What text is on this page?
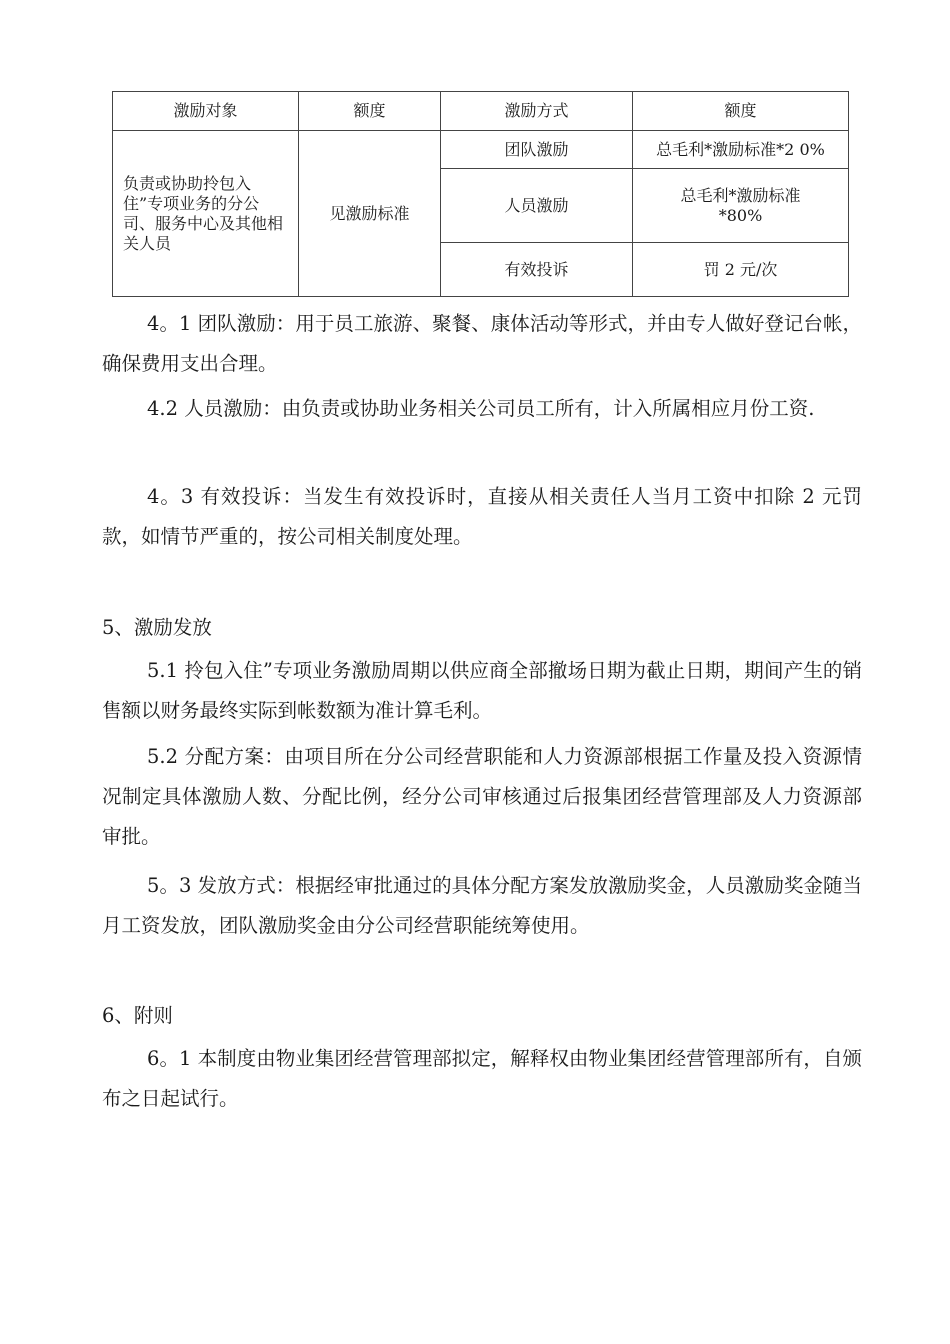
激励对象	额度	激励方式	额度
负责或协助拎包入住”专项业务的分公司、服务中心及其他相关人员	见激励标准	团队激励	总毛利*激励标准*2 0%
		人员激励	总毛利*激励标准*80%
		有效投诉	罚 2 元/次

4。1 团队激励：用于员工旅游、聚餐、康体活动等形式，并由专人做好登记台帐，确保费用支出合理。

4.2 人员激励：由负责或协助业务相关公司员工所有，计入所属相应月份工资.

4。3 有效投诉：当发生有效投诉时，直接从相关责任人当月工资中扣除 2 元罚款，如情节严重的，按公司相关制度处理。

5、激励发放

5.1 拎包入住”专项业务激励周期以供应商全部撤场日期为截止日期，期间产生的销售额以财务最终实际到帐数额为准计算毛利。

5.2 分配方案：由项目所在分公司经营职能和人力资源部根据工作量及投入资源情况制定具体激励人数、分配比例，经分公司审核通过后报集团经营管理部及人力资源部审批。

5。3 发放方式：根据经审批通过的具体分配方案发放激励奖金，人员激励奖金随当月工资发放，团队激励奖金由分公司经营职能统筹使用。

6、附则

6。1 本制度由物业集团经营管理部拟定，解释权由物业集团经营管理部所有，自颁布之日起试行。
